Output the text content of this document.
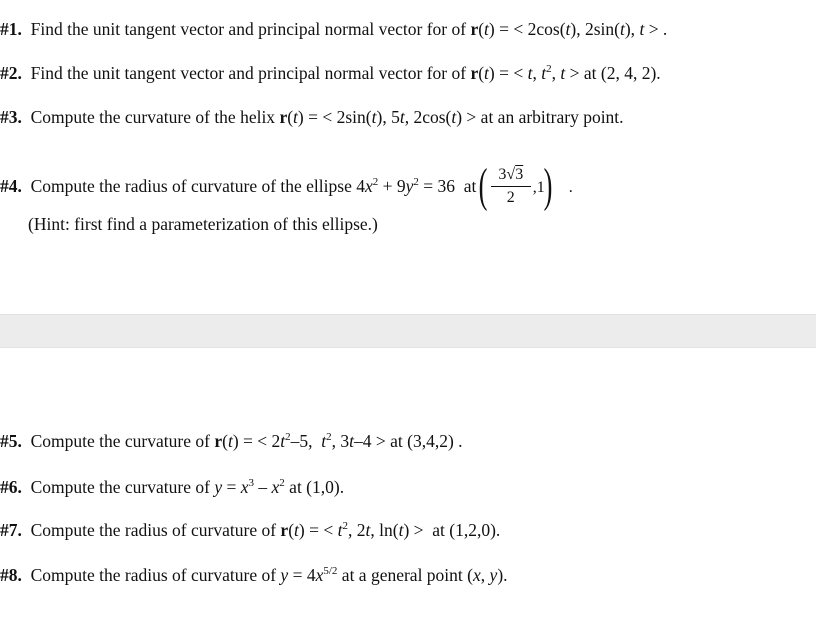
#1.  Find the unit tangent vector and principal normal vector for of r(t) = < 2cos(t), 2sin(t), t > .
#2.  Find the unit tangent vector and principal normal vector for of r(t) = < t, $t^2$, t > at (2, 4, 2).
#3.  Compute the curvature of the helix r(t) = < 2sin(t), 5t, 2cos(t) > at an arbitrary point.
#4.  Compute the radius of curvature of the ellipse $4x^2 + 9y^2 = 36$  at ( 3√3
2
,1
) .
(Hint: first find a parameterization of this ellipse.)
#5.  Compute the curvature of r(t) = < $2t^2-5$,  $t^2$, 3t–4 > at (3,4,2) .
#6.  Compute the curvature of $y = x^3 - x^2$ at (1,0).
#7.  Compute the radius of curvature of r(t) = < $t^2$, 2t, ln(t) >  at (1,2,0).
#8.  Compute the radius of curvature of $y = 4x^{5/2}$ at a general point (x, y).
